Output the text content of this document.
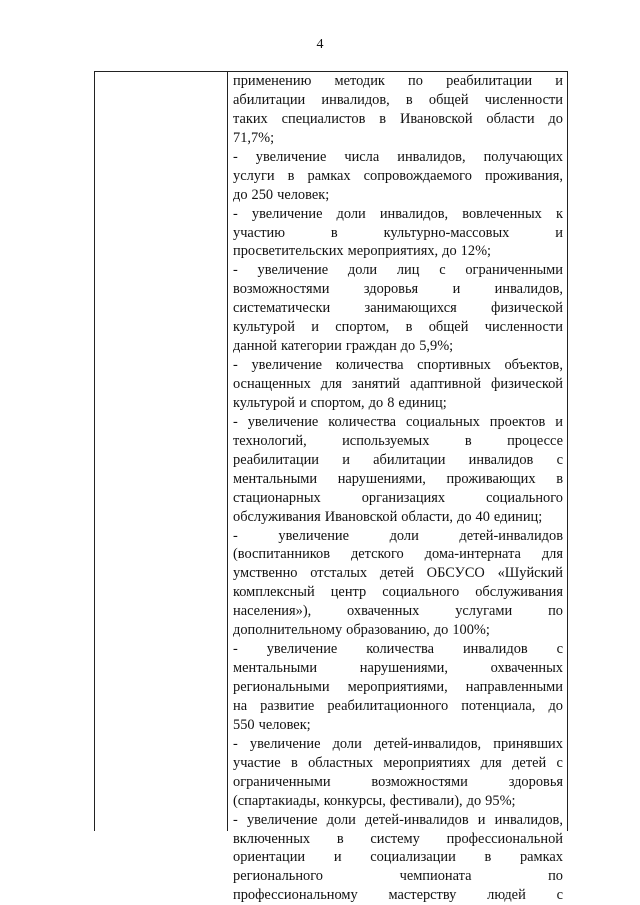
4
применению методик по реабилитации и
абилитации инвалидов, в общей численности
таких специалистов в Ивановской области до
71,7%;
- увеличение числа инвалидов, получающих
услуги в рамках сопровождаемого проживания,
до 250 человек;
- увеличение доли инвалидов, вовлеченных к
участию	в	культурно-массовых	и
просветительских мероприятиях, до 12%;
- увеличение доли лиц с ограниченными
возможностями здоровья и инвалидов,
систематически занимающихся физической
культурой и спортом, в общей численности
данной категории граждан до 5,9%;
- увеличение количества спортивных объектов,
оснащенных для занятий адаптивной физической
культурой и спортом, до 8 единиц;
- увеличение количества социальных проектов и
технологий, используемых в процессе
реабилитации и абилитации инвалидов с
ментальными нарушениями, проживающих в
стационарных	организациях	социального
обслуживания Ивановской области, до 40 единиц;
-	увеличение	доли	детей-инвалидов
(воспитанников детского дома-интерната для
умственно отсталых детей ОБСУСО «Шуйский
комплексный центр социального обслуживания
населения»), охваченных услугами по
дополнительному образованию, до 100%;
- увеличение количества инвалидов с
ментальными	нарушениями,	охваченных
региональными мероприятиями, направленными
на развитие реабилитационного потенциала, до
550 человек;
- увеличение доли детей-инвалидов, принявших
участие в областных мероприятиях для детей с
ограниченными	возможностями	здоровья
(спартакиады, конкурсы, фестивали), до 95%;
- увеличение доли детей-инвалидов и инвалидов,
включенных в систему профессиональной
ориентации и социализации в рамках
регионального	чемпионата	по
профессиональному мастерству людей с
